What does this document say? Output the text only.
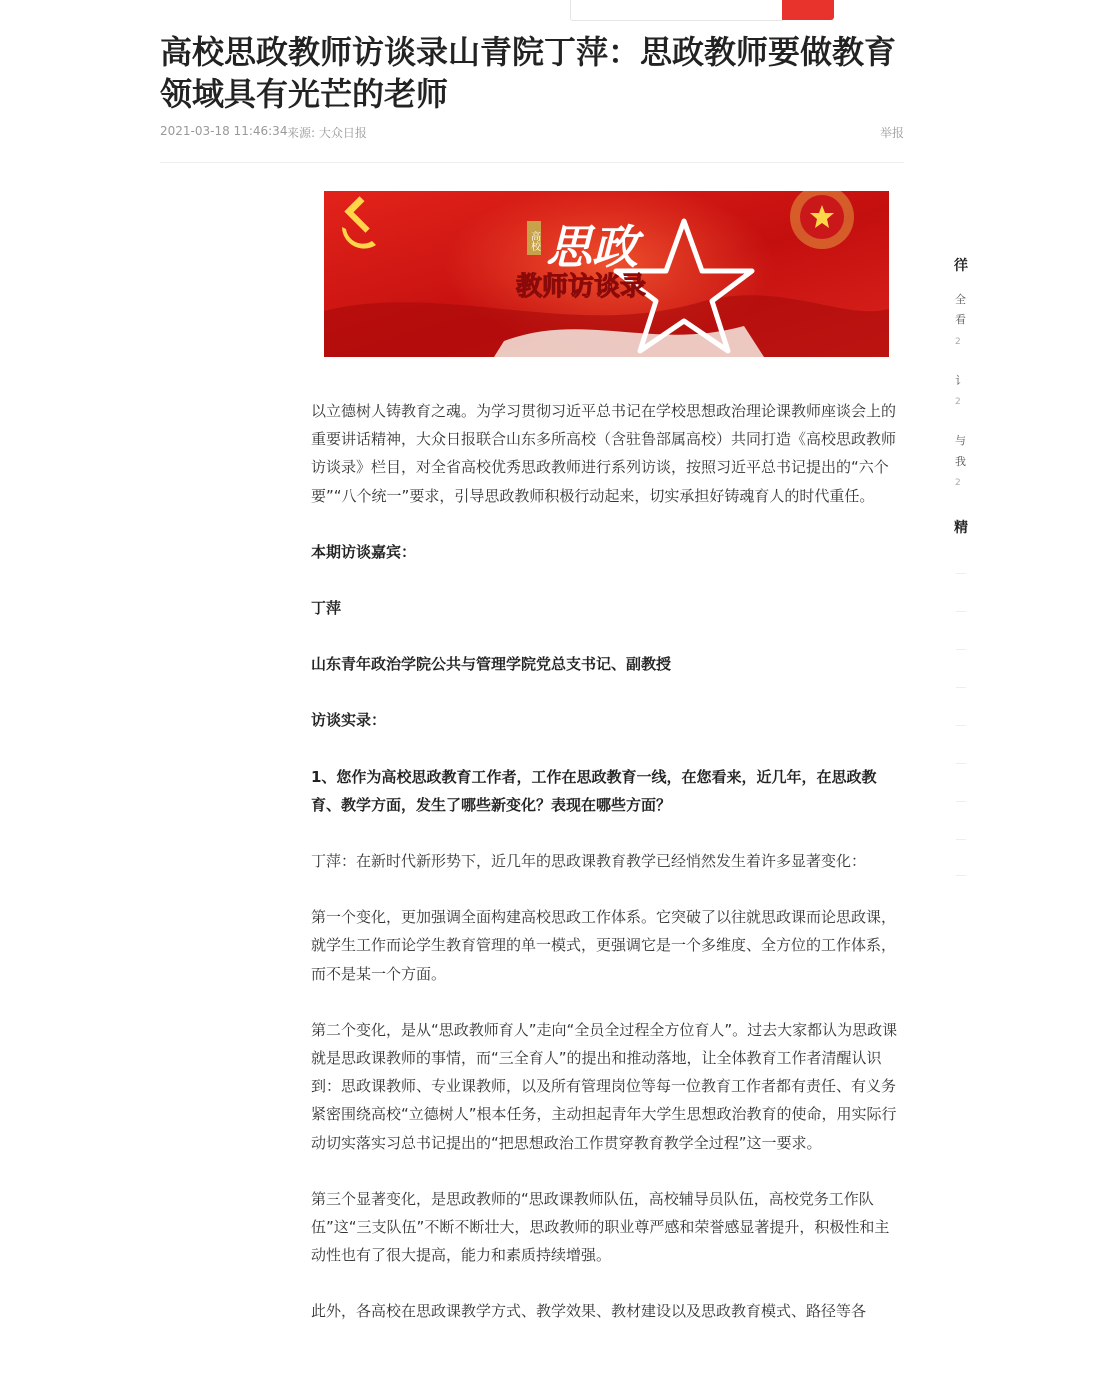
高校思政教师访谈录山青院丁萍：思政教师要做教育领域具有光芒的老师
2021-03-18 11:46:34 来源: 大众日报	举报
高校 思政
教师访谈录

以立德树人铸教育之魂。为学习贯彻习近平总书记在学校思想政治理论课教师座谈会上的重要讲话精神，大众日报联合山东多所高校（含驻鲁部属高校）共同打造《高校思政教师访谈录》栏目，对全省高校优秀思政教师进行系列访谈，按照习近平总书记提出的“六个要”“八个统一”要求，引导思政教师积极行动起来，切实承担好铸魂育人的时代重任。

本期访谈嘉宾：

丁萍

山东青年政治学院公共与管理学院党总支书记、副教授

访谈实录：

1、您作为高校思政教育工作者，工作在思政教育一线，在您看来，近几年，在思政教育、教学方面，发生了哪些新变化？表现在哪些方面？

丁萍：在新时代新形势下，近几年的思政课教育教学已经悄然发生着许多显著变化：

第一个变化，更加强调全面构建高校思政工作体系。它突破了以往就思政课而论思政课，就学生工作而论学生教育管理的单一模式，更强调它是一个多维度、全方位的工作体系，而不是某一个方面。

第二个变化，是从“思政教师育人”走向“全员全过程全方位育人”。过去大家都认为思政课就是思政课教师的事情，而“三全育人”的提出和推动落地，让全体教育工作者清醒认识到：思政课教师、专业课教师，以及所有管理岗位等每一位教育工作者都有责任、有义务紧密围绕高校“立德树人”根本任务，主动担起青年大学生思想政治教育的使命，用实际行动切实落实习总书记提出的“把思想政治工作贯穿教育教学全过程”这一要求。

第三个显著变化，是思政教师的“思政课教师队伍，高校辅导员队伍，高校党务工作队伍”这“三支队伍”不断不断壮大，思政教师的职业尊严感和荣誉感显著提升，积极性和主动性也有了很大提高，能力和素质持续增强。

此外，各高校在思政课教学方式、教学效果、教材建设以及思政教育模式、路径等各

徉
全
看
2
讠
2
与
我
2
精
